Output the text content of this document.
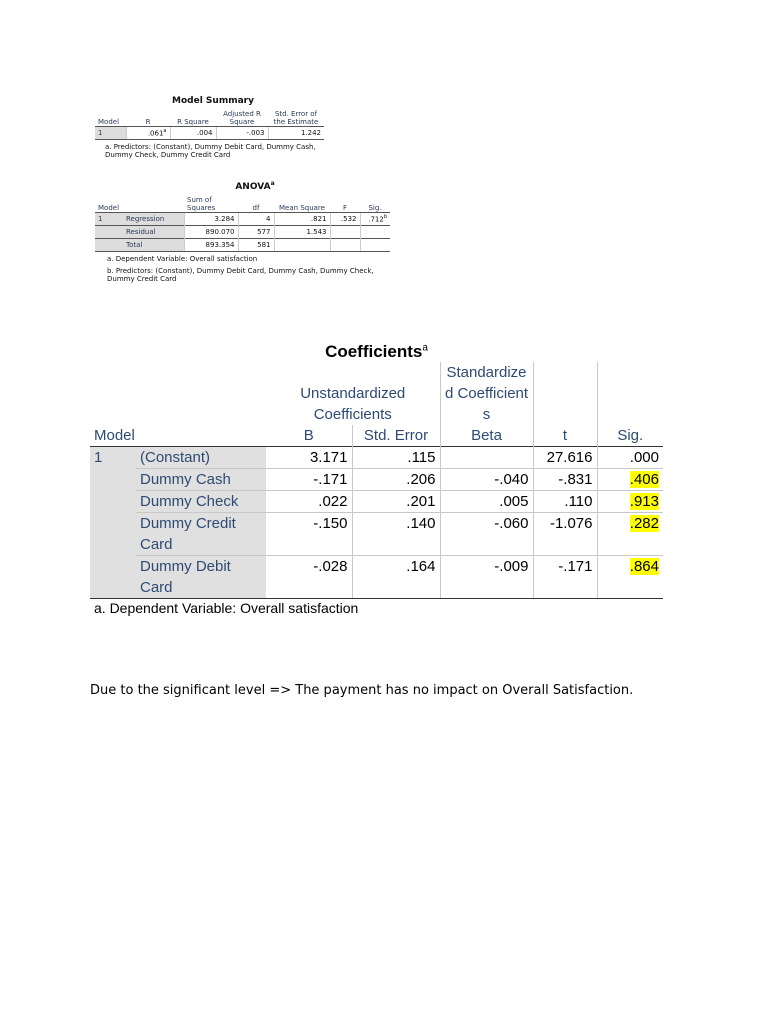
Model Summary
Model	R	R Square	Adjusted R Square	Std. Error of the Estimate
1	.061$^a$	.004	-.003	1.242
a. Predictors: (Constant), Dummy Debit Card, Dummy Cash, Dummy Check, Dummy Credit Card
ANOVA$^a$
Model		Sum of Squares	df	Mean Square	F	Sig.
1	Regression	3.284	4	.821	.532	.712$^b$
	Residual	890.070	577	1.543		
	Total	893.354	581			
a. Dependent Variable: Overall satisfaction
b. Predictors: (Constant), Dummy Debit Card, Dummy Cash, Dummy Check, Dummy Credit Card
Coefficients$^a$
		Unstandardized Coefficients		Standardized Coefficients		
Model		B	Std. Error	Beta	t	Sig.
1	(Constant)	3.171	.115		27.616	.000
	Dummy Cash	-.171	.206	-.040	-.831	.406
	Dummy Check	.022	.201	.005	.110	.913
	Dummy Credit Card	-.150	.140	-.060	-1.076	.282
	Dummy Debit Card	-.028	.164	-.009	-.171	.864
a. Dependent Variable: Overall satisfaction
Due to the significant level => The payment has no impact on Overall Satisfaction.
